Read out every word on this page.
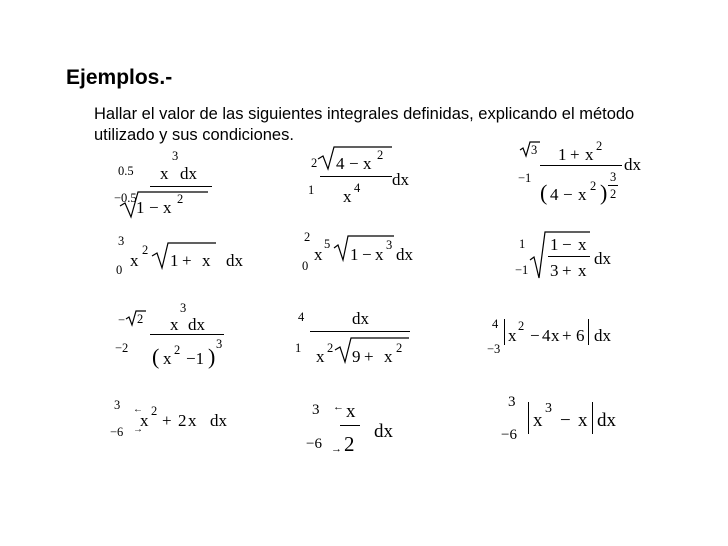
Ejemplos.-
Hallar el valor de las siguientes integrales definidas, explicando el método utilizado y sus condiciones.
0.5
−0.5
x
3
dx
1 − x 2
2
1
4 − x 2
x 4 dx
3
−1
1 + x 2
( 4 − x 2 )
3
2
dx
3
0 x
2
1 + x dx
2
0
x
5
1 − x 3 dx
1
−1
1 − x
3 + x
dx
− 2
−2
3
x dx
( x 2 −1 ) 3
4
1
dx
x 2 9 + x 2
4
−3
x 2 − 4 x + 6 dx
3
−6
←
→
x 2 + 2 x dx
3
−6
←
→
x
2
dx
3
−6
x
3
− x dx
